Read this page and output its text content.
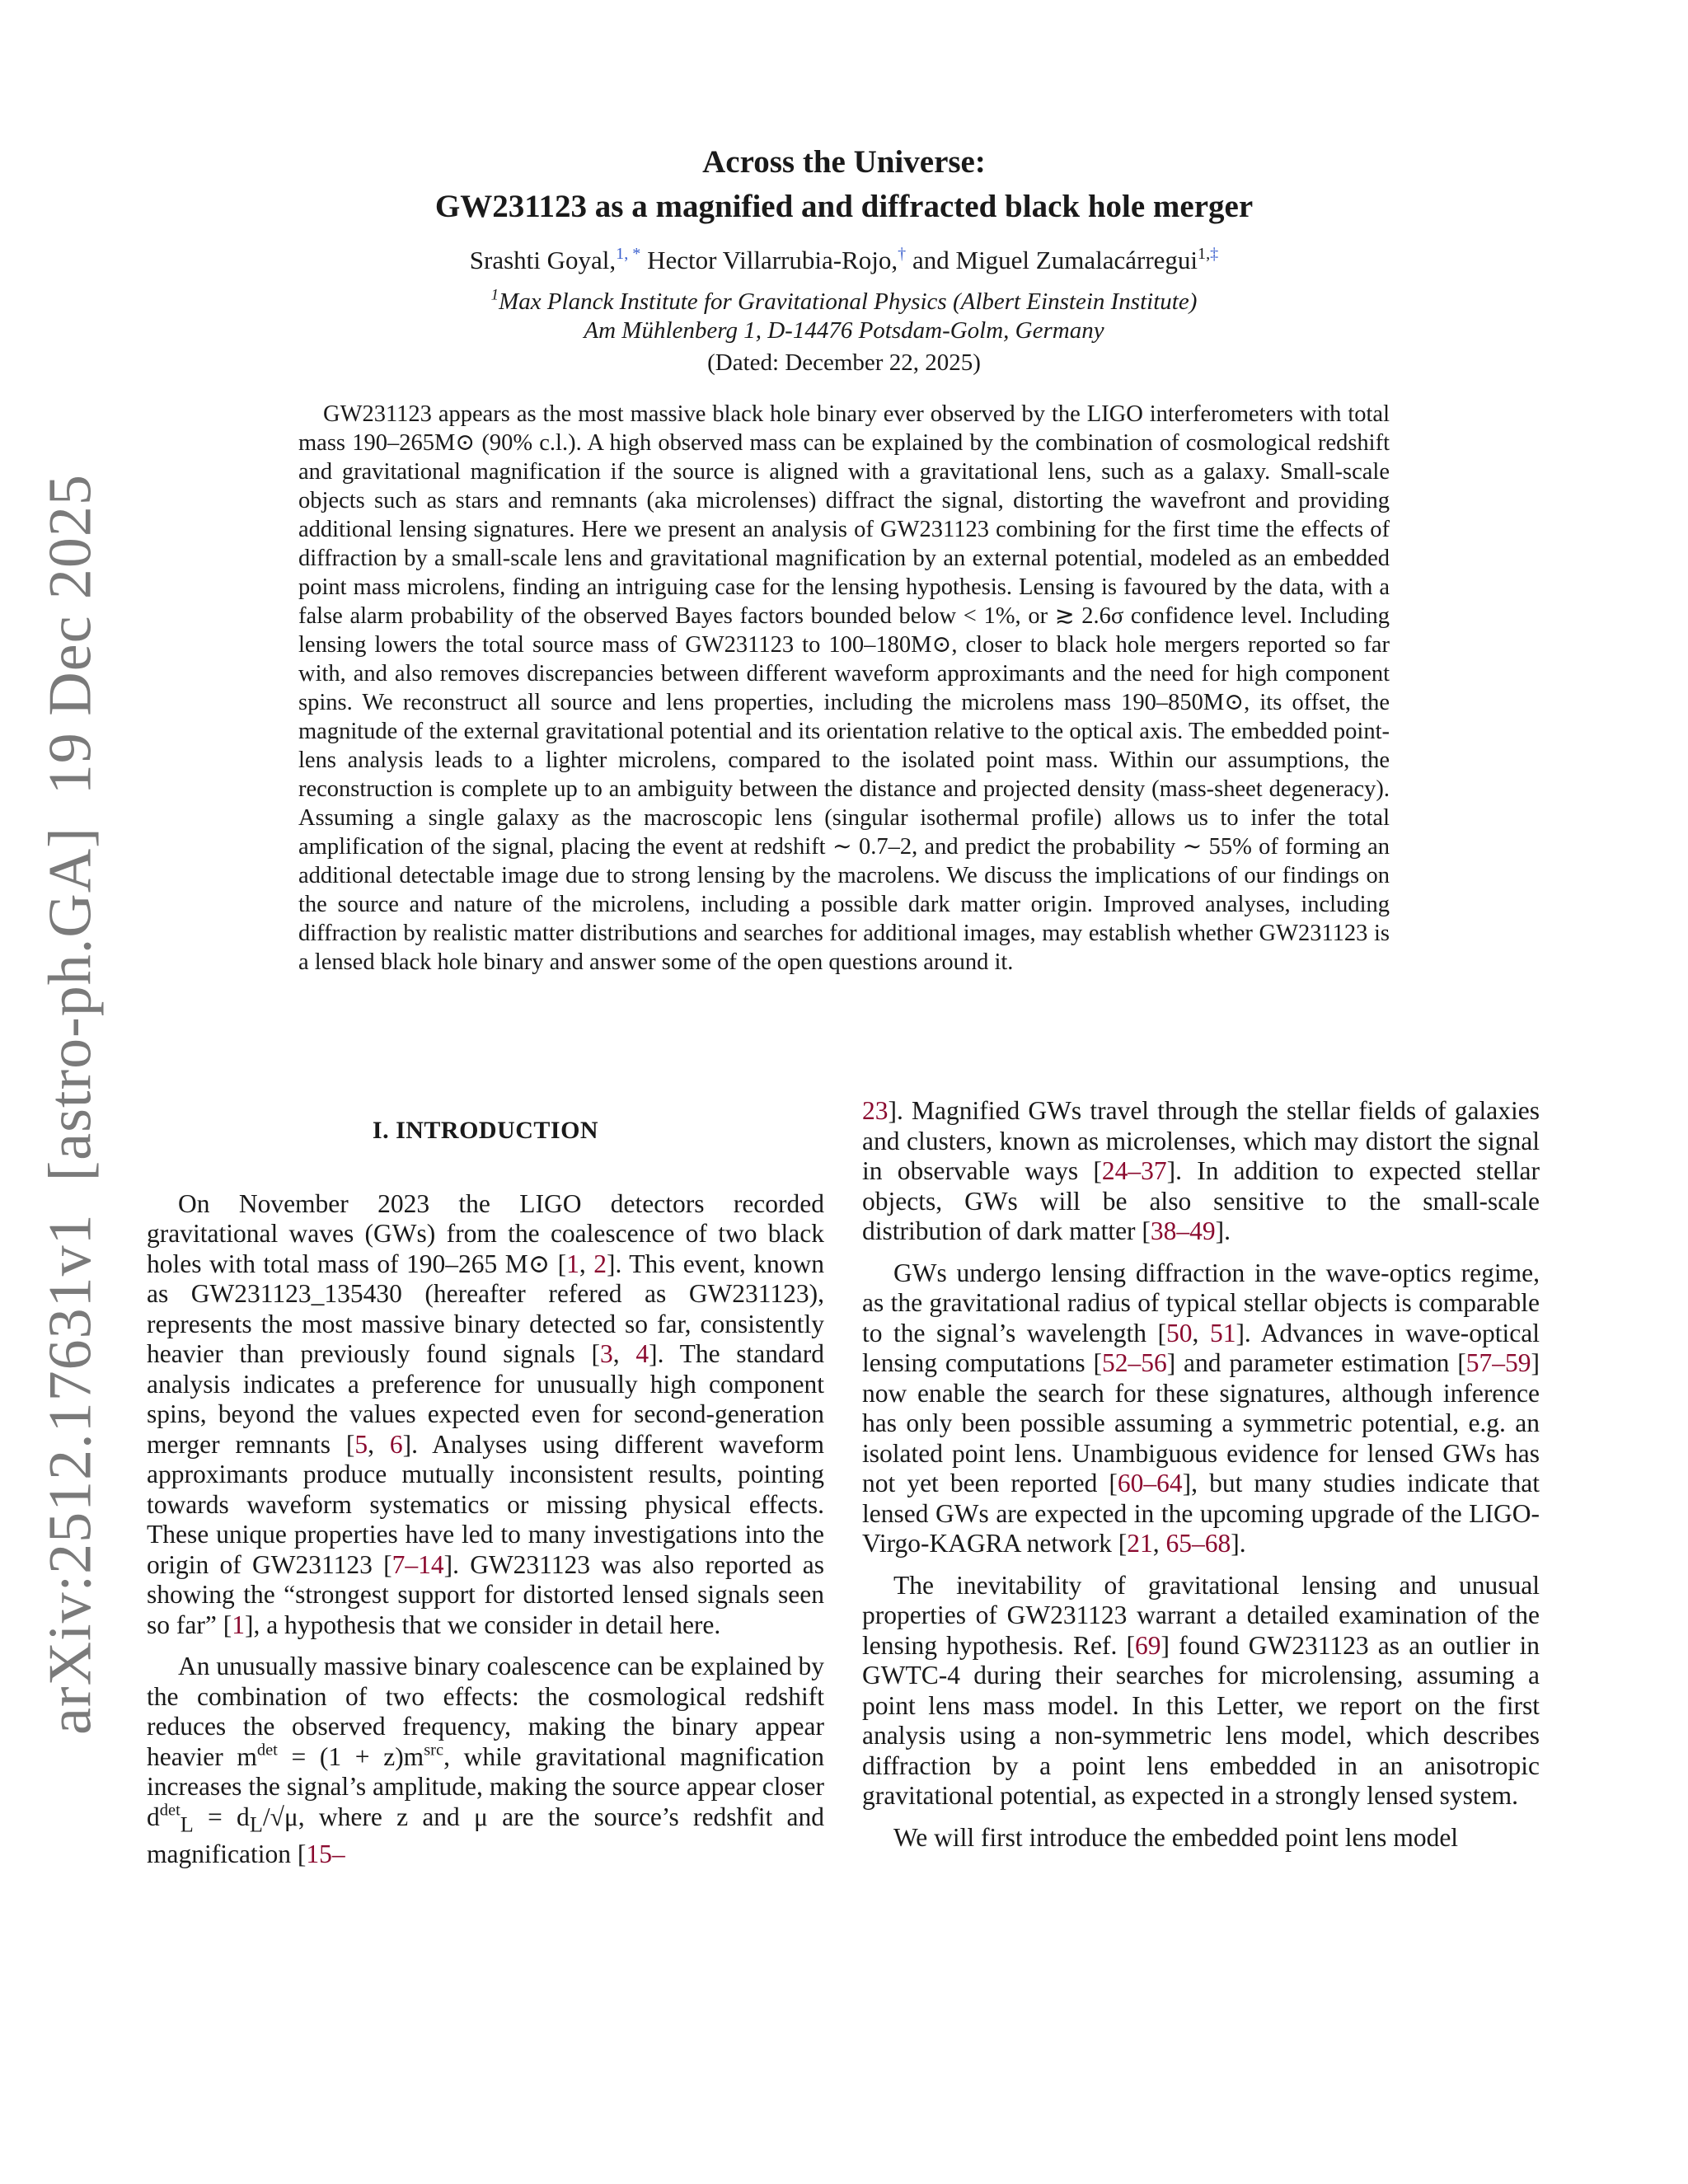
arXiv:2512.17631v1  [astro-ph.GA]  19 Dec 2025
Across the Universe:
GW231123 as a magnified and diffracted black hole merger
Srashti Goyal,$^{1, *}$ Hector Villarrubia-Rojo,† and Miguel Zumalacárregui$^{1,\ddagger}$
$^1$Max Planck Institute for Gravitational Physics (Albert Einstein Institute)
Am Mühlenberg 1, D-14476 Potsdam-Golm, Germany
(Dated: December 22, 2025)

GW231123 appears as the most massive black hole binary ever observed by the LIGO interferometers with total mass 190–265M⊙ (90% c.l.). A high observed mass can be explained by the combination of cosmological redshift and gravitational magnification if the source is aligned with a gravitational lens, such as a galaxy. Small-scale objects such as stars and remnants (aka microlenses) diffract the signal, distorting the wavefront and providing additional lensing signatures. Here we present an analysis of GW231123 combining for the first time the effects of diffraction by a small-scale lens and gravitational magnification by an external potential, modeled as an embedded point mass microlens, finding an intriguing case for the lensing hypothesis. Lensing is favoured by the data, with a false alarm probability of the observed Bayes factors bounded below < 1%, or ≳ 2.6σ confidence level. Including lensing lowers the total source mass of GW231123 to 100–180M⊙, closer to black hole mergers reported so far with, and also removes discrepancies between different waveform approximants and the need for high component spins. We reconstruct all source and lens properties, including the microlens mass 190–850M⊙, its offset, the magnitude of the external gravitational potential and its orientation relative to the optical axis. The embedded point-lens analysis leads to a lighter microlens, compared to the isolated point mass. Within our assumptions, the reconstruction is complete up to an ambiguity between the distance and projected density (mass-sheet degeneracy). Assuming a single galaxy as the macroscopic lens (singular isothermal profile) allows us to infer the total amplification of the signal, placing the event at redshift ∼ 0.7–2, and predict the probability ∼ 55% of forming an additional detectable image due to strong lensing by the macrolens. We discuss the implications of our findings on the source and nature of the microlens, including a possible dark matter origin. Improved analyses, including diffraction by realistic matter distributions and searches for additional images, may establish whether GW231123 is a lensed black hole binary and answer some of the open questions around it.

I. INTRODUCTION

On November 2023 the LIGO detectors recorded gravitational waves (GWs) from the coalescence of two black holes with total mass of 190–265 M⊙ [1, 2]. This event, known as GW231123_135430 (hereafter refered as GW231123), represents the most massive binary detected so far, consistently heavier than previously found signals [3, 4]. The standard analysis indicates a preference for unusually high component spins, beyond the values expected even for second-generation merger remnants [5, 6]. Analyses using different waveform approximants produce mutually inconsistent results, pointing towards waveform systematics or missing physical effects. These unique properties have led to many investigations into the origin of GW231123 [7–14]. GW231123 was also reported as showing the “strongest support for distorted lensed signals seen so far” [1], a hypothesis that we consider in detail here.

An unusually massive binary coalescence can be explained by the combination of two effects: the cosmological redshift reduces the observed frequency, making the binary appear heavier $m^{det} = (1 + z)m^{src}$, while gravitational magnification increases the signal’s amplitude, making the source appear closer $d^{det}_L = d_L/√\mu$, where z and μ are the source’s redshfit and magnification [15–

23]. Magnified GWs travel through the stellar fields of galaxies and clusters, known as microlenses, which may distort the signal in observable ways [24–37]. In addition to expected stellar objects, GWs will be also sensitive to the small-scale distribution of dark matter [38–49].

GWs undergo lensing diffraction in the wave-optics regime, as the gravitational radius of typical stellar objects is comparable to the signal’s wavelength [50, 51]. Advances in wave-optical lensing computations [52–56] and parameter estimation [57–59] now enable the search for these signatures, although inference has only been possible assuming a symmetric potential, e.g. an isolated point lens. Unambiguous evidence for lensed GWs has not yet been reported [60–64], but many studies indicate that lensed GWs are expected in the upcoming upgrade of the LIGO-Virgo-KAGRA network [21, 65–68].

The inevitability of gravitational lensing and unusual properties of GW231123 warrant a detailed examination of the lensing hypothesis. Ref. [69] found GW231123 as an outlier in GWTC-4 during their searches for microlensing, assuming a point lens mass model. In this Letter, we report on the first analysis using a non-symmetric lens model, which describes diffraction by a point lens embedded in an anisotropic gravitational potential, as expected in a strongly lensed system.

We will first introduce the embedded point lens model
